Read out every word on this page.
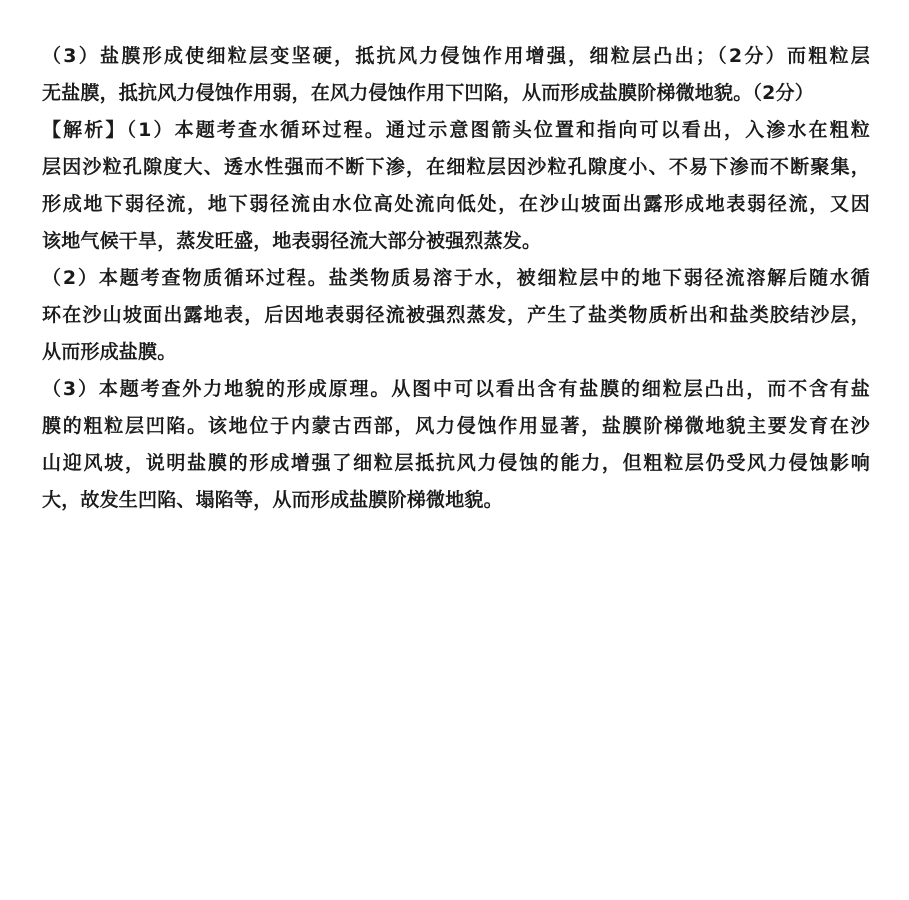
（3）盐膜形成使细粒层变坚硬，抵抗风力侵蚀作用增强，细粒层凸出；（2分）而粗粒层
无盐膜，抵抗风力侵蚀作用弱，在风力侵蚀作用下凹陷，从而形成盐膜阶梯微地貌。（2分）
【解析】（1）本题考查水循环过程。通过示意图箭头位置和指向可以看出，入渗水在粗粒
层因沙粒孔隙度大、透水性强而不断下渗，在细粒层因沙粒孔隙度小、不易下渗而不断聚集，
形成地下弱径流，地下弱径流由水位高处流向低处，在沙山坡面出露形成地表弱径流，又因
该地气候干旱，蒸发旺盛，地表弱径流大部分被强烈蒸发。
（2）本题考查物质循环过程。盐类物质易溶于水，被细粒层中的地下弱径流溶解后随水循
环在沙山坡面出露地表，后因地表弱径流被强烈蒸发，产生了盐类物质析出和盐类胶结沙层，
从而形成盐膜。
（3）本题考查外力地貌的形成原理。从图中可以看出含有盐膜的细粒层凸出，而不含有盐
膜的粗粒层凹陷。该地位于内蒙古西部，风力侵蚀作用显著，盐膜阶梯微地貌主要发育在沙
山迎风坡，说明盐膜的形成增强了细粒层抵抗风力侵蚀的能力，但粗粒层仍受风力侵蚀影响
大，故发生凹陷、塌陷等，从而形成盐膜阶梯微地貌。
